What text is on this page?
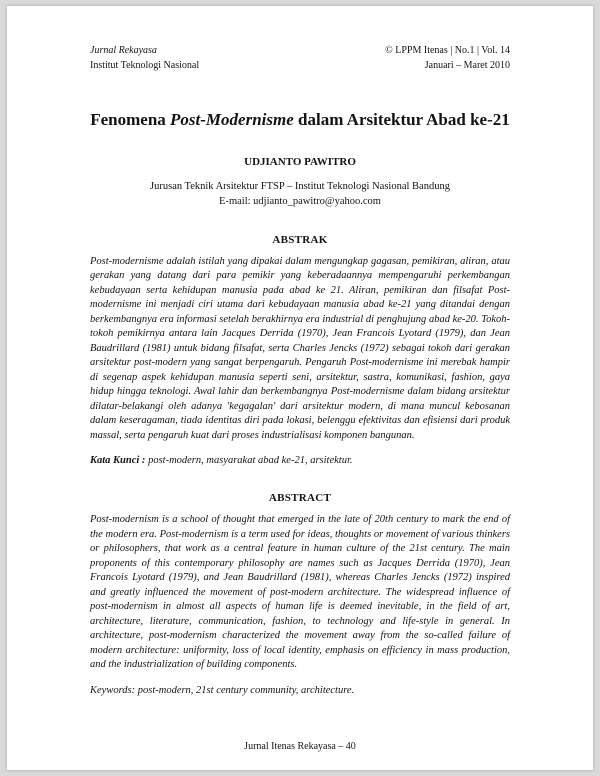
Jurnal Rekayasa
Institut Teknologi Nasional
© LPPM Itenas | No.1 | Vol. 14
Januari – Maret 2010
Fenomena Post-Modernisme dalam Arsitektur Abad ke-21
UDJIANTO PAWITRO
Jurusan Teknik Arsitektur FTSP – Institut Teknologi Nasional Bandung
E-mail: udjianto_pawitro@yahoo.com
ABSTRAK

Post-modernisme adalah istilah yang dipakai dalam mengungkap gagasan, pemikiran, aliran, atau gerakan yang datang dari para pemikir yang keberadaannya mempengaruhi perkembangan kebudayaan serta kehidupan manusia pada abad ke 21. Aliran, pemikiran dan filsafat Post-modernisme ini menjadi ciri utama dari kebudayaan manusia abad ke-21 yang ditandai dengan berkembangnya era informasi setelah berakhirnya era industrial di penghujung abad ke-20. Tokoh-tokoh pemikirnya antara lain Jacques Derrida (1970), Jean Francois Lyotard (1979), dan Jean Baudrillard (1981) untuk bidang filsafat, serta Charles Jencks (1972) sebagai tokoh dari gerakan arsitektur post-modern yang sangat berpengaruh. Pengaruh Post-modernisme ini merebak hampir di segenap aspek kehidupan manusia seperti seni, arsitektur, sastra, komunikasi, fashion, gaya hidup hingga teknologi. Awal lahir dan berkembangnya Post-modernisme dalam bidang arsitektur dilatar-belakangi oleh adanya 'kegagalan' dari arsitektur modern, di mana muncul kebosanan dalam keseragaman, tiada identitas diri pada lokasi, belenggu efektivitas dan efisiensi dari produk massal, serta pengaruh kuat dari proses industrialisasi komponen bangunan.

Kata Kunci : post-modern, masyarakat abad ke-21, arsitektur.

ABSTRACT

Post-modernism is a school of thought that emerged in the late of 20th century to mark the end of the modern era. Post-modernism is a term used for ideas, thoughts or movement of various thinkers or philosophers, that work as a central feature in human culture of the 21st century. The main proponents of this contemporary philosophy are names such as Jacques Derrida (1970), Jean Francois Lyotard (1979), and Jean Baudrillard (1981), whereas Charles Jencks (1972) inspired and greatly influenced the movement of post-modern architecture. The widespread influence of post-modernism in almost all aspects of human life is deemed inevitable, in the field of art, architecture, literature, communication, fashion, to technology and life-style in general. In architecture, post-modernism characterized the movement away from the so-called failure of modern architecture: uniformity, loss of local identity, emphasis on efficiency in mass production, and the industrialization of building components.

Keywords: post-modern, 21st century community, architecture.

Jurnal Itenas Rekayasa – 40
